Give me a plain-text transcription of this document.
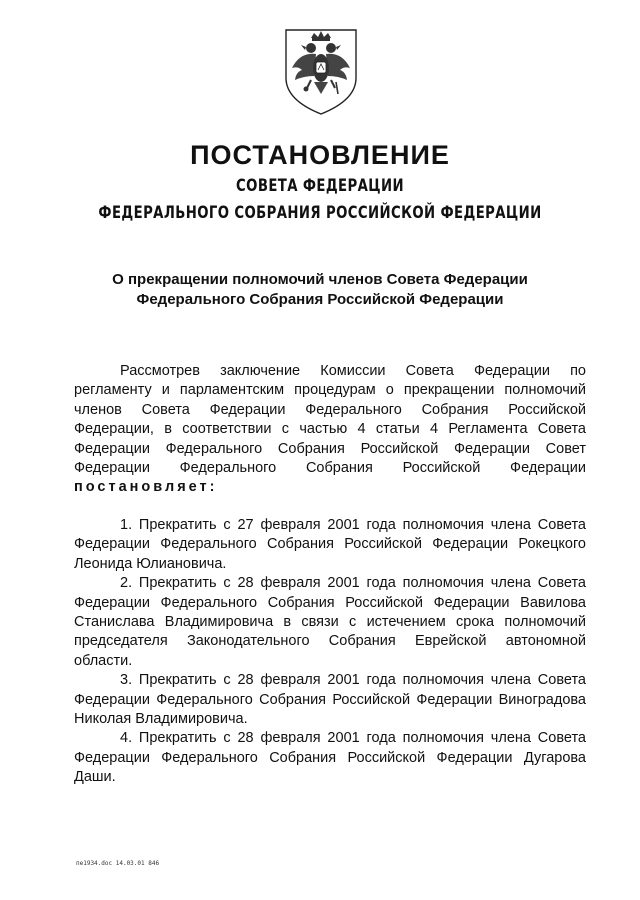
ПОСТАНОВЛЕНИЕ
СОВЕТА ФЕДЕРАЦИИ
ФЕДЕРАЛЬНОГО СОБРАНИЯ РОССИЙСКОЙ ФЕДЕРАЦИИ
О прекращении полномочий членов Совета Федерации
Федерального Собрания Российской Федерации

Рассмотрев заключение Комиссии Совета Федерации по регламенту и парламентским процедурам о прекращении полномочий членов Совета Федерации Федерального Собрания Российской Федерации, в соответствии с частью 4 статьи 4 Регламента Совета Федерации Федерального Собрания Российской Федерации Совет Федерации Федерального Собрания Российской Федерации постановляет:

1. Прекратить с 27 февраля 2001 года полномочия члена Совета Федерации Федерального Собрания Российской Федерации Рокецкого Леонида Юлиановича.

2. Прекратить с 28 февраля 2001 года полномочия члена Совета Федерации Федерального Собрания Российской Федерации Вавилова Станислава Владимировича в связи с истечением срока полномочий председателя Законодательного Собрания Еврейской автономной области.

3. Прекратить с 28 февраля 2001 года полномочия члена Совета Федерации Федерального Собрания Российской Федерации Виноградова Николая Владимировича.

4. Прекратить с 28 февраля 2001 года полномочия члена Совета Федерации Федерального Собрания Российской Федерации Дугарова Даши.

пе1934.doc 14.03.01 846
